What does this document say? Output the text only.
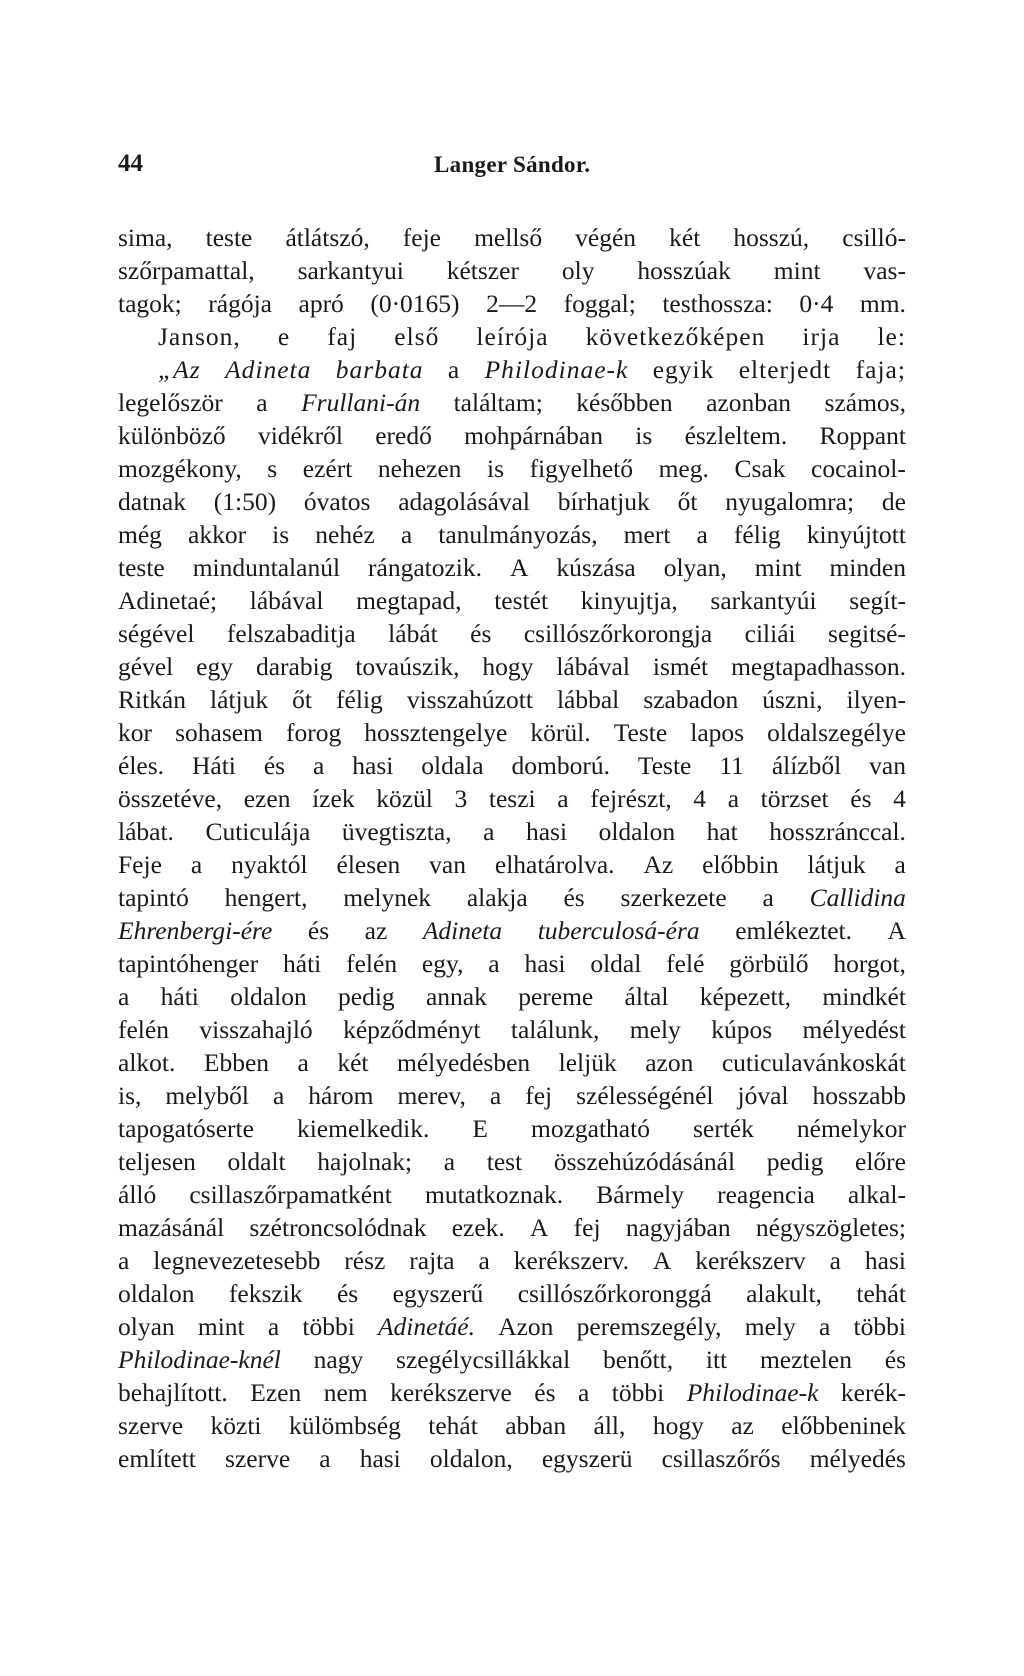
44	Langer Sándor.
sima, teste átlátszó, feje mellső végén két hosszú, csilló-
szőrpamattal, sarkantyui kétszer oly hosszúak mint vas-
tagok; rágója apró (0·0165) 2—2 foggal; testhossza: 0·4 mm.
Janson, e faj első leírója következőképen irja le:
„Az Adineta barbata a Philodinae-k egyik elterjedt faja;
legelőször a Frullani-án találtam; későbben azonban számos,
különböző vidékről eredő mohpárnában is észleltem. Roppant
mozgékony, s ezért nehezen is figyelhető meg. Csak cocainol-
datnak (1:50) óvatos adagolásával bírhatjuk őt nyugalomra; de
még akkor is nehéz a tanulmányozás, mert a félig kinyújtott
teste minduntalanúl rángatozik. A kúszása olyan, mint minden
Adinetaé; lábával megtapad, testét kinyujtja, sarkantyúi segít-
ségével felszabaditja lábát és csillószőrkorongja ciliái segitsé-
gével egy darabig tovaúszik, hogy lábával ismét megtapadhasson.
Ritkán látjuk őt félig visszahúzott lábbal szabadon úszni, ilyen-
kor sohasem forog hossztengelye körül. Teste lapos oldalszegélye
éles. Háti és a hasi oldala domború. Teste 11 álízből van
összetéve, ezen ízek közül 3 teszi a fejrészt, 4 a törzset és 4
lábat. Cuticulája üvegtiszta, a hasi oldalon hat hosszránccal.
Feje a nyaktól élesen van elhatárolva. Az előbbin látjuk a
tapintó hengert, melynek alakja és szerkezete a Callidina
Ehrenbergi-ére és az Adineta tuberculosá-éra emlékeztet. A
tapintóhenger háti felén egy, a hasi oldal felé görbülő horgot,
a háti oldalon pedig annak pereme által képezett, mindkét
felén visszahajló képződményt találunk, mely kúpos mélyedést
alkot. Ebben a két mélyedésben leljük azon cuticulavánkoskát
is, melyből a három merev, a fej szélességénél jóval hosszabb
tapogatóserte kiemelkedik. E mozgatható serték némelykor
teljesen oldalt hajolnak; a test összehúzódásánál pedig előre
álló csillaszőrpamatként mutatkoznak. Bármely reagencia alkal-
mazásánál szétroncsolódnak ezek. A fej nagyjában négyszögletes;
a legnevezetesebb rész rajta a kerékszerv. A kerékszerv a hasi
oldalon fekszik és egyszerű csillószőrkoronggá alakult, tehát
olyan mint a többi Adinetáé. Azon peremszegély, mely a többi
Philodinae-knél nagy szegélycsillákkal benőtt, itt meztelen és
behajlított. Ezen nem kerékszerve és a többi Philodinae-k kerék-
szerve közti külömbség tehát abban áll, hogy az előbbeninek
említett szerve a hasi oldalon, egyszerü csillaszőrős mélyedés
